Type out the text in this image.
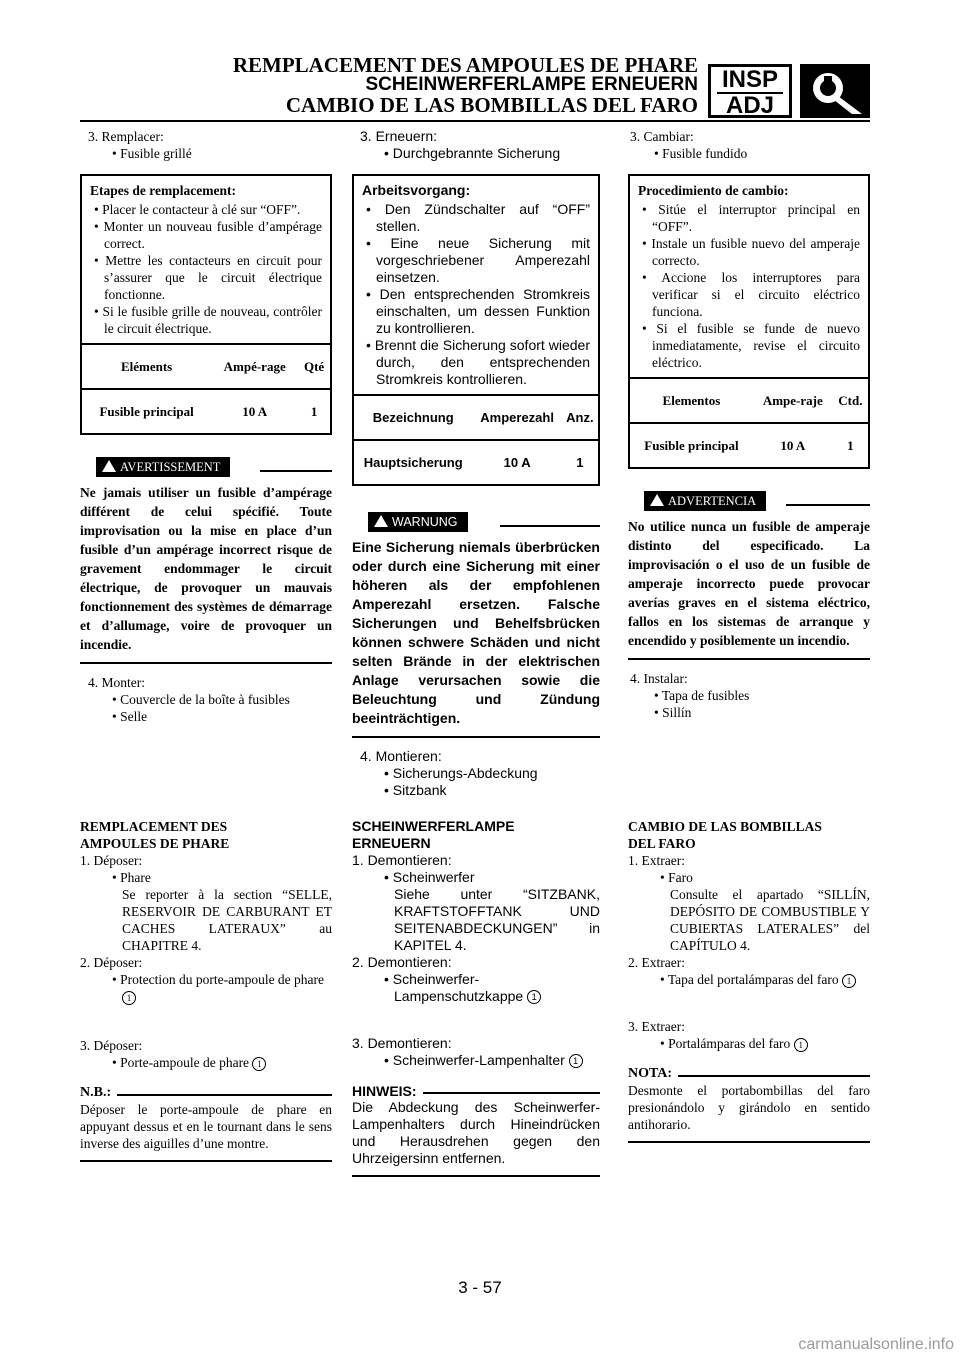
REMPLACEMENT DES AMPOULES DE PHARE
SCHEINWERFERLAMPE ERNEUERN
CAMBIO DE LAS BOMBILLAS DEL FARO
INSP
ADJ
3. Remplacer:
• Fusible grillé
Etapes de remplacement:
• Placer le contacteur à clé sur “OFF”.
• Monter un nouveau fusible d’ampérage correct.
• Mettre les contacteurs en circuit pour s’assurer que le circuit électrique fonctionne.
• Si le fusible grille de nouveau, contrôler le circuit électrique.
Eléments	Ampé-rage	Qté
Fusible principal	10 A	1
AVERTISSEMENT
Ne jamais utiliser un fusible d’ampérage différent de celui spécifié. Toute improvisation ou la mise en place d’un fusible d’un ampérage incorrect risque de gravement endommager le circuit électrique, de provoquer un mauvais fonctionnement des systèmes de démarrage et d’allumage, voire de provoquer un incendie.
4. Monter:
• Couvercle de la boîte à fusibles
• Selle
REMPLACEMENT DES AMPOULES DE PHARE
1. Déposer:
• Phare
Se reporter à la section “SELLE, RESERVOIR DE CARBURANT ET CACHES LATERAUX” au CHAPITRE 4.
2. Déposer:
• Protection du porte-ampoule de phare 1
3. Déposer:
• Porte-ampoule de phare 1
N.B.:
Déposer le porte-ampoule de phare en appuyant dessus et en le tournant dans le sens inverse des aiguilles d’une montre.
3. Erneuern:
• Durchgebrannte Sicherung
Arbeitsvorgang:
• Den Zündschalter auf “OFF” stellen.
• Eine neue Sicherung mit vorgeschriebener Amperezahl einsetzen.
• Den entsprechenden Stromkreis einschalten, um dessen Funktion zu kontrollieren.
• Brennt die Sicherung sofort wieder durch, den entsprechenden Stromkreis kontrollieren.
Bezeichnung	Amperezahl	Anz.
Hauptsicherung	10 A	1
WARNUNG
Eine Sicherung niemals überbrücken oder durch eine Sicherung mit einer höheren als der empfohlenen Amperezahl ersetzen. Falsche Sicherungen und Behelfsbrücken können schwere Schäden und nicht selten Brände in der elektrischen Anlage verursachen sowie die Beleuchtung und Zündung beeinträchtigen.
4. Montieren:
• Sicherungs-Abdeckung
• Sitzbank
SCHEINWERFERLAMPE ERNEUERN
1. Demontieren:
• Scheinwerfer
Siehe unter “SITZBANK, KRAFTSTOFFTANK UND SEITENABDECKUNGEN” in KAPITEL 4.
2. Demontieren:
• Scheinwerfer-Lampenschutzkappe 1
3. Demontieren:
• Scheinwerfer-Lampenhalter 1
HINWEIS:
Die Abdeckung des Scheinwerfer-Lampenhalters durch Hineindrücken und Herausdrehen gegen den Uhrzeigersinn entfernen.
3. Cambiar:
• Fusible fundido
Procedimiento de cambio:
• Sitúe el interruptor principal en “OFF”.
• Instale un fusible nuevo del amperaje correcto.
• Accione los interruptores para verificar si el circuito eléctrico funciona.
• Si el fusible se funde de nuevo inmediatamente, revise el circuito eléctrico.
Elementos	Ampe-raje	Ctd.
Fusible principal	10 A	1
ADVERTENCIA
No utilice nunca un fusible de amperaje distinto del especificado. La improvisación o el uso de un fusible de amperaje incorrecto puede provocar averías graves en el sistema eléctrico, fallos en los sistemas de arranque y encendido y posiblemente un incendio.
4. Instalar:
• Tapa de fusibles
• Sillín
CAMBIO DE LAS BOMBILLAS DEL FARO
1. Extraer:
• Faro
Consulte el apartado “SILLÍN, DEPÓSITO DE COMBUSTIBLE Y CUBIERTAS LATERALES” del CAPÍTULO 4.
2. Extraer:
• Tapa del portalámparas del faro 1
3. Extraer:
• Portalámparas del faro 1
NOTA:
Desmonte el portabombillas del faro presionándolo y girándolo en sentido antihorario.
3 - 57
carmanualsonline.info
